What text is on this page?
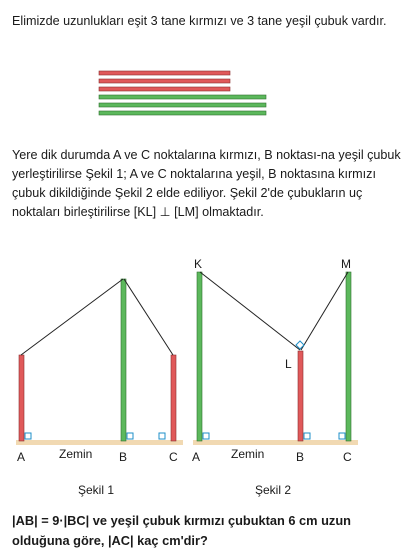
Elimizde uzunlukları eşit 3 tane kırmızı ve 3 tane yeşil çubuk vardır.

Yere dik durumda A ve C noktalarına kırmızı, B noktası-na yeşil çubuk yerleştirilirse Şekil 1; A ve C noktalarına yeşil, B noktasına kırmızı çubuk dikildiğinde Şekil 2 elde ediliyor. Şekil 2'de çubukların uç noktaları birleştirilirse [KL] ⊥ [LM] olmaktadır.

A	Zemin B	C
Şekil 1
K
L
M
A	Zemin	B	C
Şekil 2

|AB| = 9·|BC| ve yeşil çubuk kırmızı çubuktan 6 cm uzun olduğuna göre, |AC| kaç cm'dir?
